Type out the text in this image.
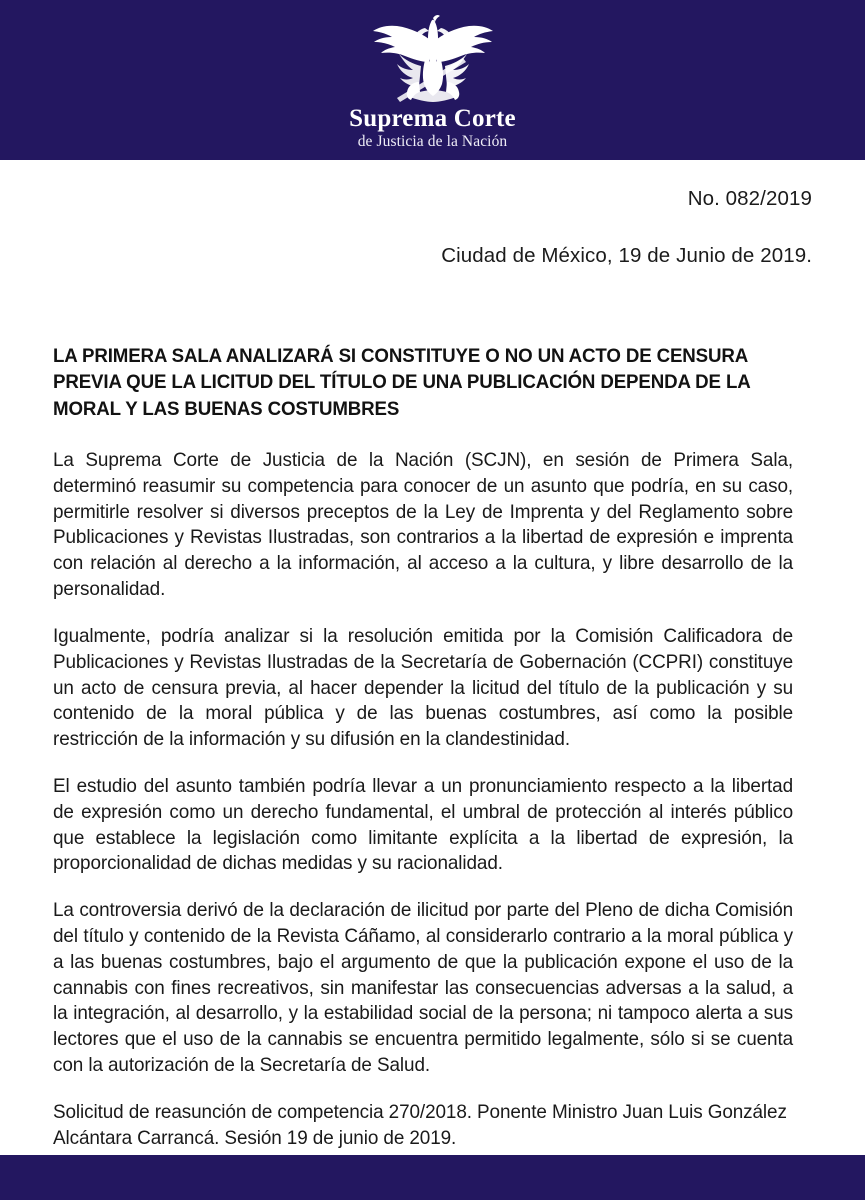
Suprema Corte
de Justicia de la Nación
No. 082/2019
Ciudad de México, 19 de Junio de 2019.
LA PRIMERA SALA ANALIZARÁ SI CONSTITUYE O NO UN ACTO DE CENSURA PREVIA QUE LA LICITUD DEL TÍTULO DE UNA PUBLICACIÓN DEPENDA DE LA MORAL Y LAS BUENAS COSTUMBRES

La Suprema Corte de Justicia de la Nación (SCJN), en sesión de Primera Sala, determinó reasumir su competencia para conocer de un asunto que podría, en su caso, permitirle resolver si diversos preceptos de la Ley de Imprenta y del Reglamento sobre Publicaciones y Revistas Ilustradas, son contrarios a la libertad de expresión e imprenta con relación al derecho a la información, al acceso a la cultura, y libre desarrollo de la personalidad.

Igualmente, podría analizar si la resolución emitida por la Comisión Calificadora de Publicaciones y Revistas Ilustradas de la Secretaría de Gobernación (CCPRI) constituye un acto de censura previa, al hacer depender la licitud del título de la publicación y su contenido de la moral pública y de las buenas costumbres, así como la posible restricción de la información y su difusión en la clandestinidad.

El estudio del asunto también podría llevar a un pronunciamiento respecto a la libertad de expresión como un derecho fundamental, el umbral de protección al interés público que establece la legislación como limitante explícita a la libertad de expresión, la proporcionalidad de dichas medidas y su racionalidad.

La controversia derivó de la declaración de ilicitud por parte del Pleno de dicha Comisión del título y contenido de la Revista Cáñamo, al considerarlo contrario a la moral pública y a las buenas costumbres, bajo el argumento de que la publicación expone el uso de la cannabis con fines recreativos, sin manifestar las consecuencias adversas a la salud, a la integración, al desarrollo, y la estabilidad social de la persona; ni tampoco alerta a sus lectores que el uso de la cannabis se encuentra permitido legalmente, sólo si se cuenta con la autorización de la Secretaría de Salud.

Solicitud de reasunción de competencia 270/2018. Ponente Ministro Juan Luis González Alcántara Carrancá. Sesión 19 de junio de 2019.
